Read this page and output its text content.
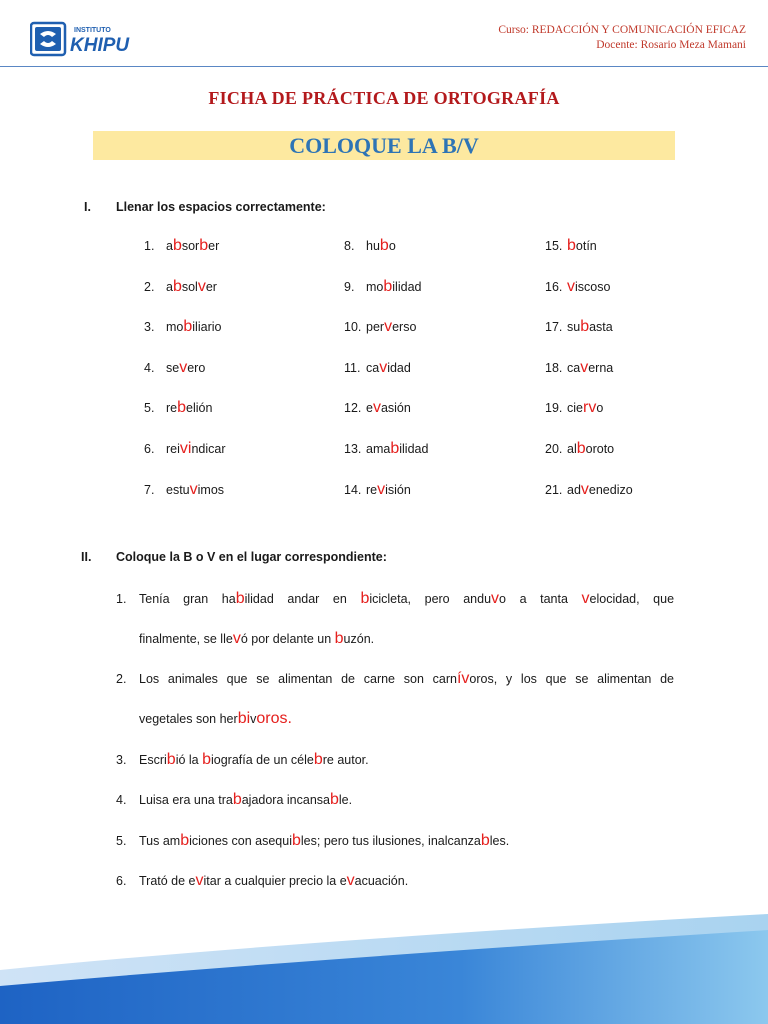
INSTITUTO
KHIPU
Curso: REDACCIÓN Y COMUNICACIÓN EFICAZ
Docente: Rosario Meza Mamani
FICHA DE PRÁCTICA DE ORTOGRAFÍA
COLOQUE LA B/V
I. Llenar los espacios correctamente:
1. absorber
2. absolver
3. mobiliario
4. severo
5. rebelión
6. reivindicar
7. estuvimos
8. hubo
9. mobilidad
10. perverso
11. cavidad
12. evasión
13. amabilidad
14. revisión
15. botín
16. viscoso
17. subasta
18. caverna
19. ciervo
20. alboroto
21. advenedizo
II. Coloque la B o V en el lugar correspondiente:
1. Tenía gran habilidad andar en bicicleta, pero anduvo a tanta velocidad, que
finalmente, se llevó por delante un buzón.
2. Los animales que se alimentan de carne son carnívoros, y los que se alimentan de
vegetales son herbivoros.
3. Escribió la biografía de un célebre autor.
4. Luisa era una trabajadora incansable.
5. Tus ambiciones con asequibles; pero tus ilusiones, inalcanzables.
6. Trató de evitar a cualquier precio la evacuación.
